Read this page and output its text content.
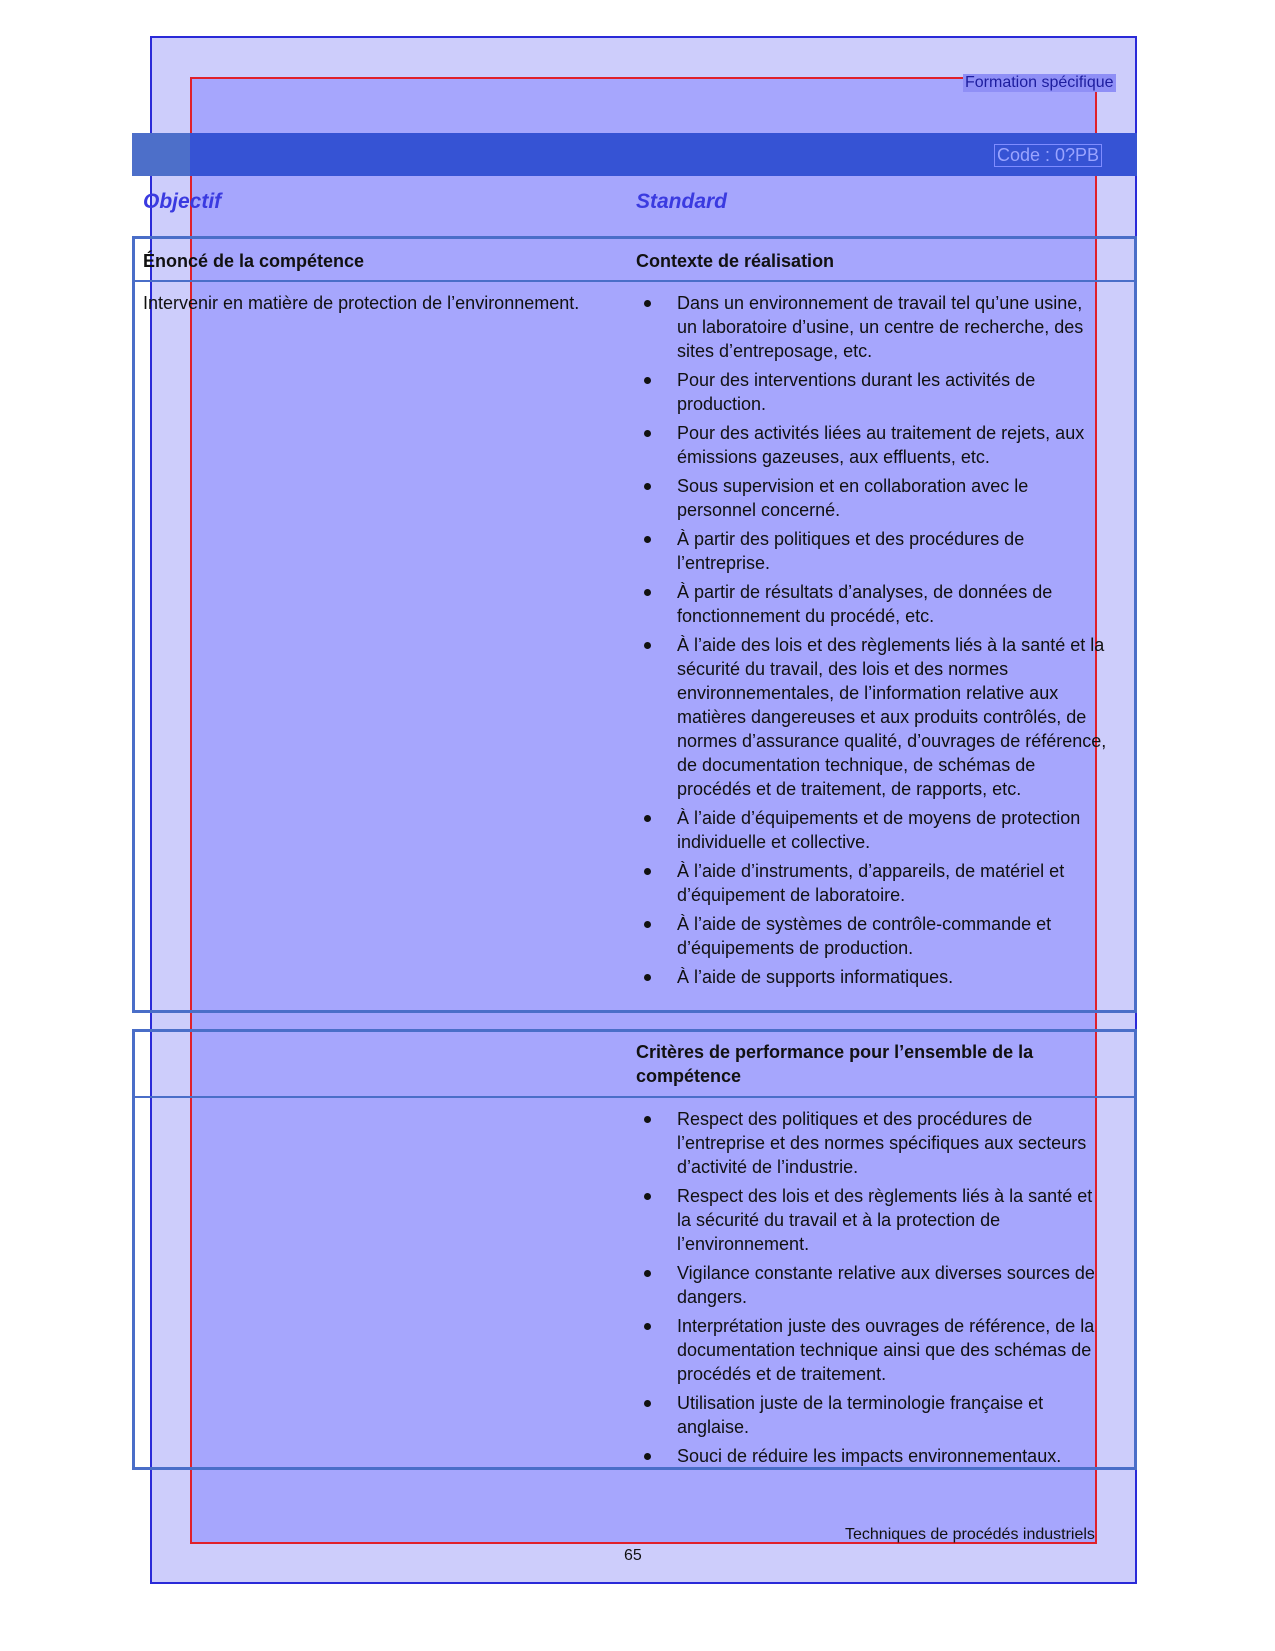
Formation spécifique
Code : 0?PB
Objectif	Standard
Énoncé de la compétence	Contexte de réalisation
Intervenir en matière de protection de l’environnement.	Dans un environnement de travail tel qu’une usine, un laboratoire d’usine, un centre de recherche, des sites d’entreposage, etc.
Pour des interventions durant les activités de production.
Pour des activités liées au traitement de rejets, aux émissions gazeuses, aux effluents, etc.
Sous supervision et en collaboration avec le personnel concerné.
À partir des politiques et des procédures de l’entreprise.
À partir de résultats d’analyses, de données de fonctionnement du procédé, etc.
À l’aide des lois et des règlements liés à la santé et la sécurité du travail, des lois et des normes environnementales, de l’information relative aux matières dangereuses et aux produits contrôlés, de normes d’assurance qualité, d’ouvrages de référence, de documentation technique, de schémas de procédés et de traitement, de rapports, etc.
À l’aide d’équipements et de moyens de protection individuelle et collective.
À l’aide d’instruments, d’appareils, de matériel et d’équipement de laboratoire.
À l’aide de systèmes de contrôle-commande et d’équipements de production.
À l’aide de supports informatiques.
Critères de performance pour l’ensemble de la compétence
Respect des politiques et des procédures de l’entreprise et des normes spécifiques aux secteurs d’activité de l’industrie.
Respect des lois et des règlements liés à la santé et la sécurité du travail et à la protection de l’environnement.
Vigilance constante relative aux diverses sources de dangers.
Interprétation juste des ouvrages de référence, de la documentation technique ainsi que des schémas de procédés et de traitement.
Utilisation juste de la terminologie française et anglaise.
Souci de réduire les impacts environnementaux.
Techniques de procédés industriels
65
